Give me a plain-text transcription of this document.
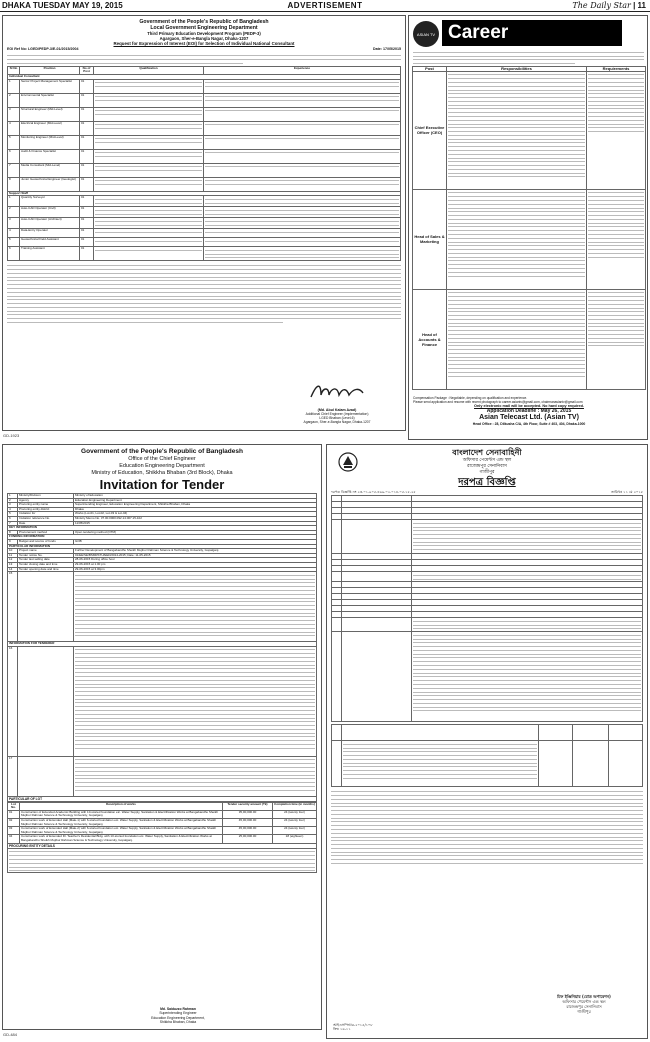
DHAKA TUESDAY MAY 19, 2015	ADVERTISEMENT	The Daily Star | 11
Government of the People's Republic of Bangladesh
Local Government Engineering Department
Third Primary Education Development Program (PEDP-3)
Agargaon, Sher-e-Bangla Nagar, Dhaka-1207
Request for Expression of Interest (EOI) for Selection of Individual National Consultant
EOI Ref No: LGED/PEDP-3/E-01/2015/2004	Date: 17/05/2015
Sl No	Position	No of Post	Qualification	Experience
Individual Consultant				
1	Senior Project Management Specialist	01	

2	Environmental Specialist	01	

3	Structural Engineer (Mid-Level)	01	

4	Electrical Engineer (Mid-Level)	01	

5	Monitoring Engineer (Mid-Level)	01	

6	Audit & Finance Specialist	01	

7	Media Consultant (Mid-Level)	01	

8	Junior Geotechnical Engineer (Geologist)	01	

Support Staff				
1	Quantity Surveyor	01	

2	Auto-CAD Operator (Civil)	01	

3	Auto-CAD Operator (Architect)	01	

4	Data-Entry Operator	01	

5	Geotechnical Field Assistant	01	

6	Training Assistant	01	

(Md. Abul Kalam Azad)
Additional Chief Engineer (Implementation)
LGED Bhaban (Level-6)
Agargaon, Sher-e-Bangla Nagar, Dhaka-1207
GD-1923
ASIAN TV Career Opportunity
Post	Responsibilities	Requirements
Chief Executive Officer (CEO)	

Head of Sales & Marketing	

Head of Accounts & Finance	

Compensation Package : Negotiable, depending on qualification and experience.
Please send application and resume with recent photograph to career.asiantv@gmail.com, chairmanasiantv@gmail.com
Only electronic mail will be accepted. No hard copy required.
Application Deadline : May 26, 2015
Asian Telecast Ltd. (Asian TV)
Head Office : 28, Dilkusha C/A, 4th Floor, Suite # 403, 404, Dhaka-1000
Government of the People's Republic of Bangladesh
Office of the Chief Engineer
Education Engineering Department
Ministry of Education, Shikkha Bhaban (3rd Block), Dhaka
Invitation for Tender
1	Ministry/Division	Ministry of Education
2	Agency	Education Engineering Department
3	Procuring entity name	Superintending Engineer, Education Engineering Department, Shikkha Bhaban, Dhaka
4	Procuring entity district	Dhaka
5	Invitation for	Works (Lot-01, Lot-02, Lot-03 & Lot-04)
6	Invitation reference No.	Ministry Memo No. 37.00.0000.092.14.007.15-102
7	Date	11/05/2015
KEY INFORMATION		
8	Procurement method	Open tendering method (OTM)
FUNDING INFORMATION		
9	Budget and source of funds	GOB
PARTICULAR INFORMATION		
10	Project name	Further Development of Bangabandhu Sheikh Mujibur Rahman Science & Technology University, Gopalganj.
11	Tender notice No.	01/EE/SE/BSMRSTU/EED/2014-2015; Date: 11-05-2015
12	Tender last selling date	28-06-2015 During office hour
13	Tender closing date and time	29-06-2015 at 1.00 pm
14	Tender opening date and time	29-06-2015 at 3.00pm
15		

INFORMATION FOR TENDERER		
16		

17		
PARTICULAR OF LOT
Lot No.	Description of works	Tender security amount (Tk)	Completion time (in months)
01	Construction of Extended Academic Building with 10-storied foundation etc. Water Supply, Sanitation & Electrification Works at Bangabandhu Sheikh Mujibur Rahman Science & Technology University, Gopalganj.	35,00,000.00	24 (twenty four)
02	Construction work of Extended Hall (Male-1) with 6-storied foundation etc. Water Supply, Sanitation & Electrification Works at Bangabandhu Sheikh Mujibur Rahman Science & Technology University, Gopalganj.	45,00,000.00	24 (twenty four)
03	Construction work of Extended Hall (Male-2) with 6-storied foundation etc. Water Supply, Sanitation & Electrification Works at Bangabandhu Sheikh Mujibur Rahman Science & Technology University, Gopalganj.	45,00,000.00	24 (twenty four)
04	Construction work of Extended Dr. Teacher's Residential Bldg. with 10-storied foundation etc. Water Supply, Sanitation & Electrification Works at Bangabandhu Sheikh Mujibur Rahman Science & Technology University, Gopalganj.	25,00,000.00	18 (eighteen)
PROCURING ENTITY DETAILS
Md. Saiduzzo Rahman
Superintending Engineer
Education Engineering Department,
Shikkha Bhaban, Dhaka
GD-484
বাংলাদেশ সেনাবাহিনী
অফিসার পেমেন্টস এন্ড স্থল
রাজেন্দ্রপুর সেনানিবাস
গাজীপুর
দরপত্র বিজ্ঞপ্তি
দরপত্র বিজ্ঞপ্তি নং ২৩.০১.৯০৫.৪৬৯.০২.০১৪.০৫.১৫.২৫	তারিখঃ ১১ মে ২০১৫

চিফ ইঞ্জিনিয়ার (রোড অপারেশন)
অফিসার পেমেন্টস এন্ড স্থল
রাজেন্দ্রপুর সেনানিবাস
গাজীপুর
আইএসপিআর-২০১৫/১০৮
ক্রিঃ ১৬-১১
